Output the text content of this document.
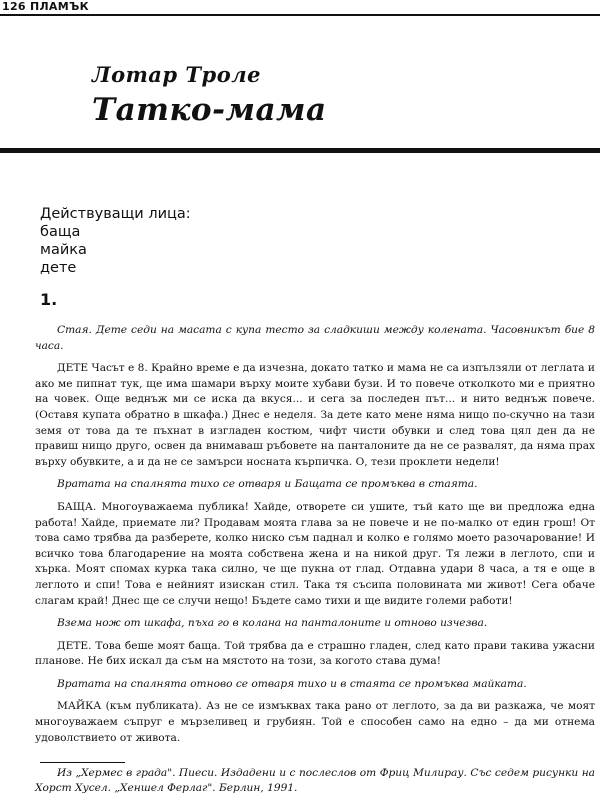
126 ПЛАМЪК
Лотар Троле
Татко-мама
Действуващи лица:
баща
майка
дете
1.

Стая. Дете седи на масата с купа тесто за сладкиши между колената. Часовникът бие 8 часа.

ДЕТЕ Часът е 8. Крайно време е да изчезна, докато татко и мама не са изпълзяли от леглата и ако ме пипнат тук, ще има шамари върху моите хубави бузи. И то повече отколкото ми е приятно на човек. Още веднъж ми се иска да вкуся... и сега за последен път... и нито веднъж повече. (Оставя купата обратно в шкафа.) Днес е неделя. За дете като мене няма нищо по-скучно на тази земя от това да те пъхнат в изгладен костюм, чифт чисти обувки и след това цял ден да не правиш нищо друго, освен да внимаваш ръбовете на панталоните да не се развалят, да няма прах върху обувките, а и да не се замърси носната кърпичка. О, тези проклети недели!

Вратата на спалнята тихо се отваря и Бащата се промъква в стаята.

БАЩА. Многоуважаема публика! Хайде, отворете си ушите, тъй като ще ви предложа една работа! Хайде, приемате ли? Продавам моята глава за не повече и не по-малко от един грош! От това само трябва да разберете, колко ниско съм паднал и колко е голямо моето разочарование! И всичко това благодарение на моята собствена жена и на никой друг. Тя лежи в леглото, спи и хърка. Моят спомах курка така силно, че ще пукна от глад. Отдавна удари 8 часа, а тя е още в леглото и спи! Това е нейният изискан стил. Така тя съсипа половината ми живот! Сега обаче слагам край! Днес ще се случи нещо! Бъдете само тихи и ще видите големи работи!

Взема нож от шкафа, пъха го в колана на панталоните и отново изчезва.

ДЕТЕ. Това беше моят баща. Той трябва да е страшно гладен, след като прави такива ужасни планове. Не бих искал да съм на мястото на този, за когото става дума!

Вратата на спалнята отново се отваря тихо и в стаята се промъква майката.

МАЙКА (към публиката). Аз не се измъквах така рано от леглото, за да ви разкажа, че моят многоуважаем съпруг е мързеливец и грубиян. Той е способен само на едно – да ми отнема удоволствието от живота.

Из „Хермес в града". Пиеси. Издадени и с послеслов от Фриц Милирау. Със седем рисунки на Хорст Хусел. „Хеншел Ферлаг". Берлин, 1991.
